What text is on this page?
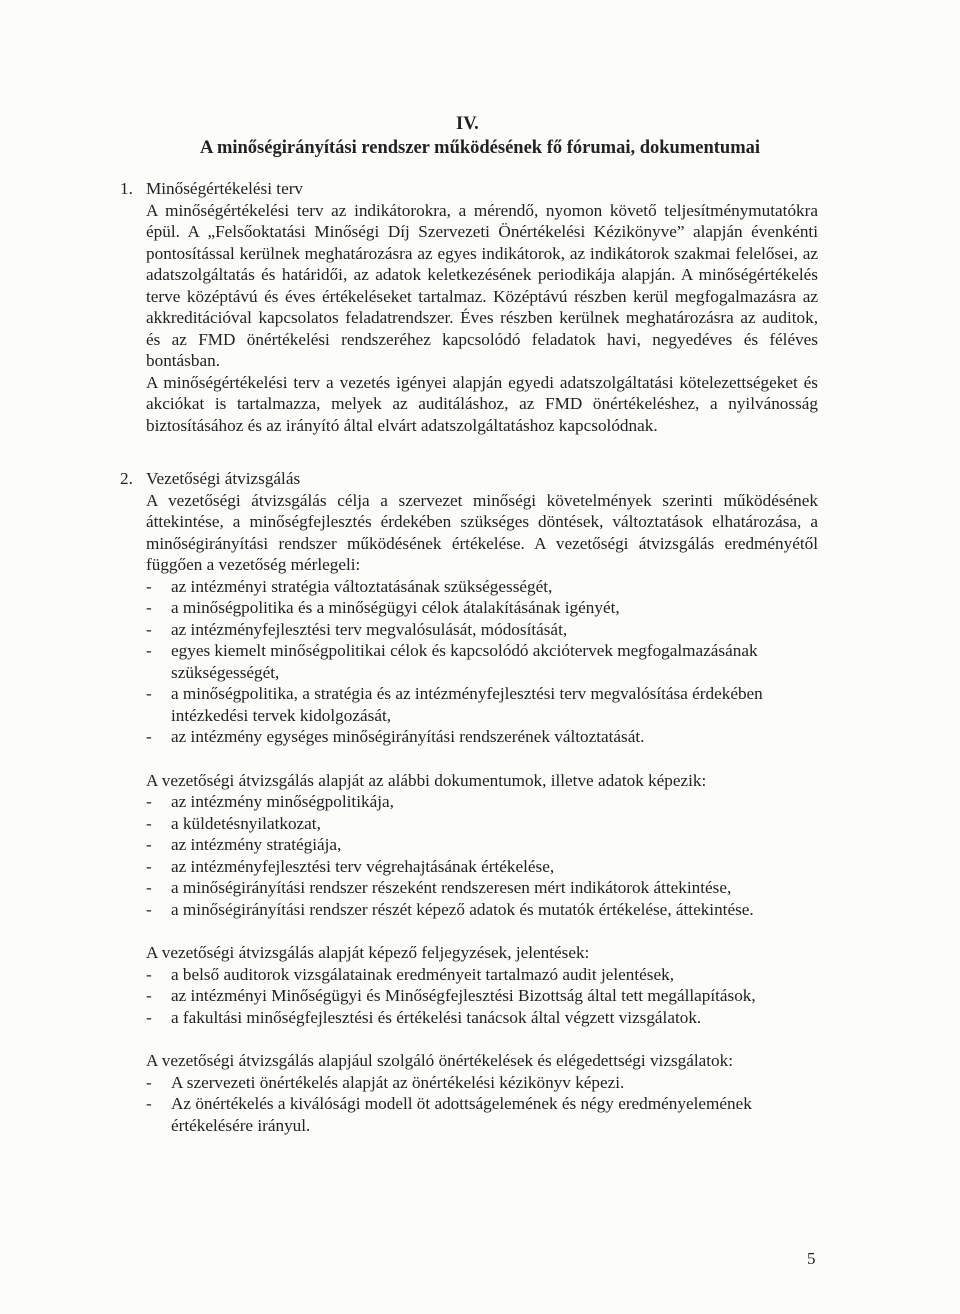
IV.
A minőségirányítási rendszer működésének fő fórumai, dokumentumai
1. Minőségértékelési terv

A minőségértékelési terv az indikátorokra, a mérendő, nyomon követő teljesítménymutatókra épül. A „Felsőoktatási Minőségi Díj Szervezeti Önértékelési Kézikönyve” alapján évenkénti pontosítással kerülnek meghatározásra az egyes indikátorok, az indikátorok szakmai felelősei, az adatszolgáltatás és határidői, az adatok keletkezésének periodikája alapján. A minőségértékelés terve középtávú és éves értékeléseket tartalmaz. Középtávú részben kerül megfogalmazásra az akkreditációval kapcsolatos feladatrendszer. Éves részben kerülnek meghatározásra az auditok, és az FMD önértékelési rendszeréhez kapcsolódó feladatok havi, negyedéves és féléves bontásban.

A minőségértékelési terv a vezetés igényei alapján egyedi adatszolgáltatási kötelezettségeket és akciókat is tartalmazza, melyek az auditáláshoz, az FMD önértékeléshez, a nyilvánosság biztosításához és az irányító által elvárt adatszolgáltatáshoz kapcsolódnak.

2. Vezetőségi átvizsgálás

A vezetőségi átvizsgálás célja a szervezet minőségi követelmények szerinti működésének áttekintése, a minőségfejlesztés érdekében szükséges döntések, változtatások elhatározása, a minőségirányítási rendszer működésének értékelése. A vezetőségi átvizsgálás eredményétől függően a vezetőség mérlegeli:

- az intézményi stratégia változtatásának szükségességét,
- a minőségpolitika és a minőségügyi célok átalakításának igényét,
- az intézményfejlesztési terv megvalósulását, módosítását,
- egyes kiemelt minőségpolitikai célok és kapcsolódó akciótervek megfogalmazásának szükségességét,
- a minőségpolitika, a stratégia és az intézményfejlesztési terv megvalósítása érdekében intézkedési tervek kidolgozását,
- az intézmény egységes minőségirányítási rendszerének változtatását.

A vezetőségi átvizsgálás alapját az alábbi dokumentumok, illetve adatok képezik:

- az intézmény minőségpolitikája,
- a küldetésnyilatkozat,
- az intézmény stratégiája,
- az intézményfejlesztési terv végrehajtásának értékelése,
- a minőségirányítási rendszer részeként rendszeresen mért indikátorok áttekintése,
- a minőségirányítási rendszer részét képező adatok és mutatók értékelése, áttekintése.

A vezetőségi átvizsgálás alapját képező feljegyzések, jelentések:

- a belső auditorok vizsgálatainak eredményeit tartalmazó audit jelentések,
- az intézményi Minőségügyi és Minőségfejlesztési Bizottság által tett megállapítások,
- a fakultási minőségfejlesztési és értékelési tanácsok által végzett vizsgálatok.

A vezetőségi átvizsgálás alapjául szolgáló önértékelések és elégedettségi vizsgálatok:

- A szervezeti önértékelés alapját az önértékelési kézikönyv képezi.
- Az önértékelés a kiválósági modell öt adottságelemének és négy eredményelemének értékelésére irányul.
5
